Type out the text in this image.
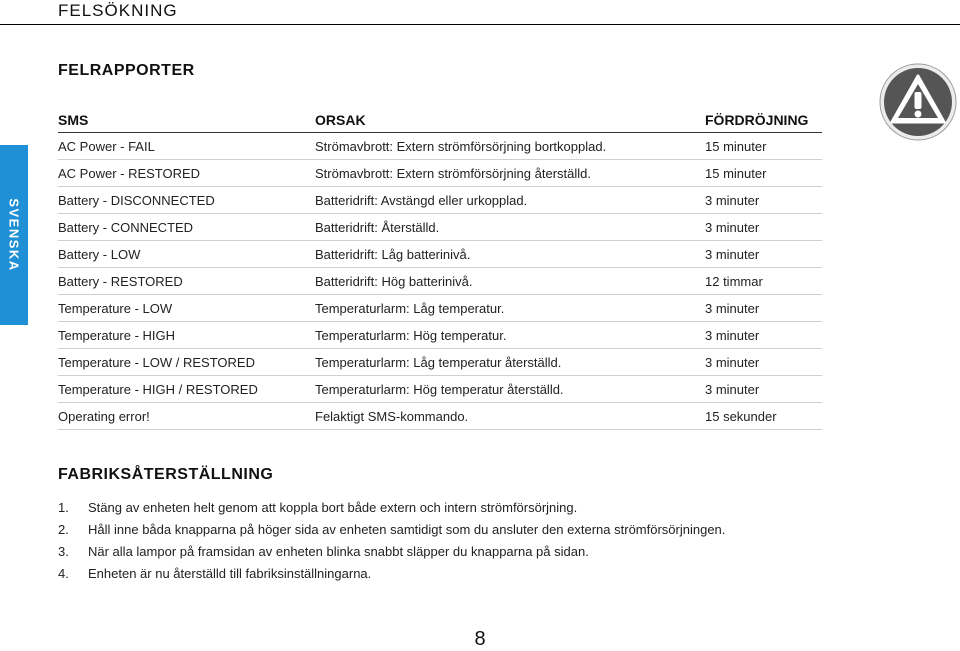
FELSÖKNING
SVENSKA
FELRAPPORTER
SMS	ORSAK	FÖRDRÖJNING
AC Power - FAIL	Strömavbrott: Extern strömförsörjning bortkopplad.	15 minuter
AC Power - RESTORED	Strömavbrott: Extern strömförsörjning återställd.	15 minuter
Battery - DISCONNECTED	Batteridrift: Avstängd eller urkopplad.	3 minuter
Battery - CONNECTED	Batteridrift: Återställd.	3 minuter
Battery - LOW	Batteridrift: Låg batterinivå.	3 minuter
Battery - RESTORED	Batteridrift: Hög batterinivå.	12 timmar
Temperature - LOW	Temperaturlarm: Låg temperatur.	3 minuter
Temperature - HIGH	Temperaturlarm: Hög temperatur.	3 minuter
Temperature - LOW / RESTORED	Temperaturlarm: Låg temperatur återställd.	3 minuter
Temperature - HIGH / RESTORED	Temperaturlarm: Hög temperatur återställd.	3 minuter
Operating error!	Felaktigt SMS-kommando.	15 sekunder
FABRIKSÅTERSTÄLLNING
1.	Stäng av enheten helt genom att koppla bort både extern och intern strömförsörjning.
2.	Håll inne båda knapparna på höger sida av enheten samtidigt som du ansluter den externa strömförsörjningen.
3.	När alla lampor på framsidan av enheten blinka snabbt släpper du knapparna på sidan.
4.	Enheten är nu återställd till fabriksinställningarna.
8
